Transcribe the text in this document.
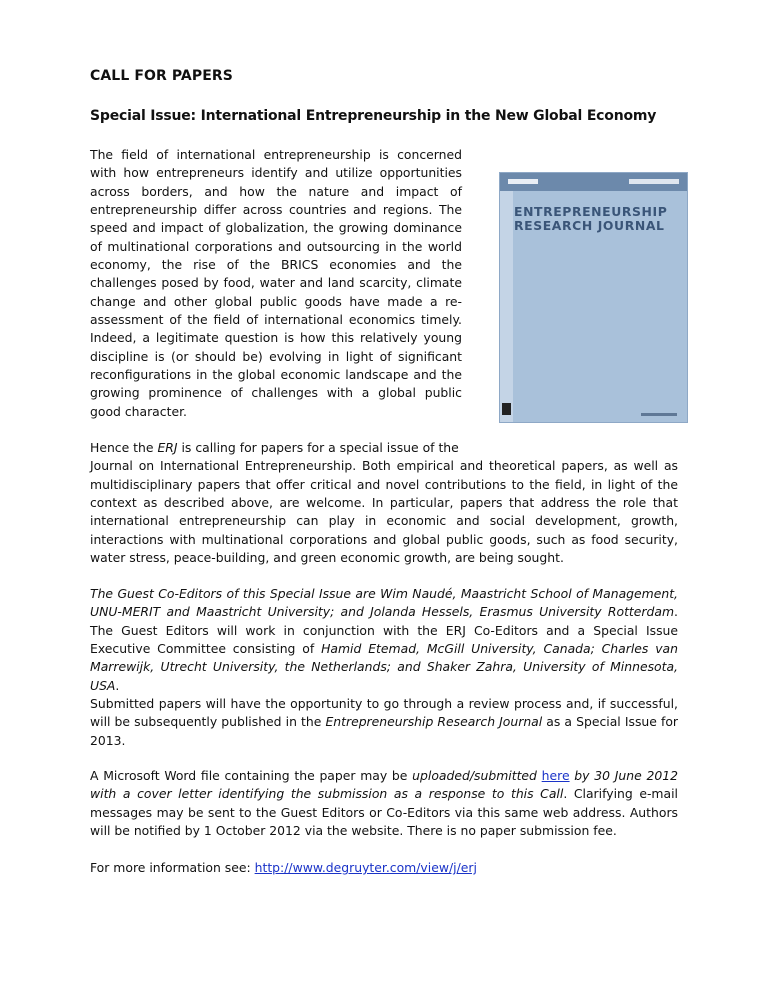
CALL FOR PAPERS
Special Issue: International Entrepreneurship in the New Global Economy
The field of international entrepreneurship is concerned with how entrepreneurs identify and utilize opportunities across borders, and how the nature and impact of entrepreneurship differ across countries and regions. The speed and impact of globalization, the growing dominance of multinational corporations and outsourcing in the world economy, the rise of the BRICS economies and the challenges posed by food, water and land scarcity, climate change and other global public goods have made a re-assessment of the field of international economics timely. Indeed, a legitimate question is how this relatively young discipline is (or should be) evolving in light of significant reconfigurations in the global economic landscape and the growing prominence of challenges with a global public good character.
Hence the ERJ is calling for papers for a special issue of the
Journal on International Entrepreneurship. Both empirical and theoretical papers, as well as multidisciplinary papers that offer critical and novel contributions to the field, in light of the context as described above, are welcome. In particular, papers that address the role that international entrepreneurship can play in economic and social development, growth, interactions with multinational corporations and global public goods, such as food security, water stress, peace-building, and green economic growth, are being sought.
The Guest Co-Editors of this Special Issue are Wim Naudé, Maastricht School of Management, UNU-MERIT and Maastricht University; and Jolanda Hessels, Erasmus University Rotterdam. The Guest Editors will work in conjunction with the ERJ Co-Editors and a Special Issue Executive Committee consisting of Hamid Etemad, McGill University, Canada; Charles van Marrewijk, Utrecht University, the Netherlands; and Shaker Zahra, University of Minnesota, USA.
Submitted papers will have the opportunity to go through a review process and, if successful, will be subsequently published in the Entrepreneurship Research Journal as a Special Issue for 2013.
A Microsoft Word file containing the paper may be uploaded/submitted here by 30 June 2012 with a cover letter identifying the submission as a response to this Call. Clarifying e-mail messages may be sent to the Guest Editors or Co-Editors via this same web address. Authors will be notified by 1 October 2012 via the website. There is no paper submission fee.
For more information see: http://www.degruyter.com/view/j/erj
ENTREPRENEURSHIP
RESEARCH JOURNAL
